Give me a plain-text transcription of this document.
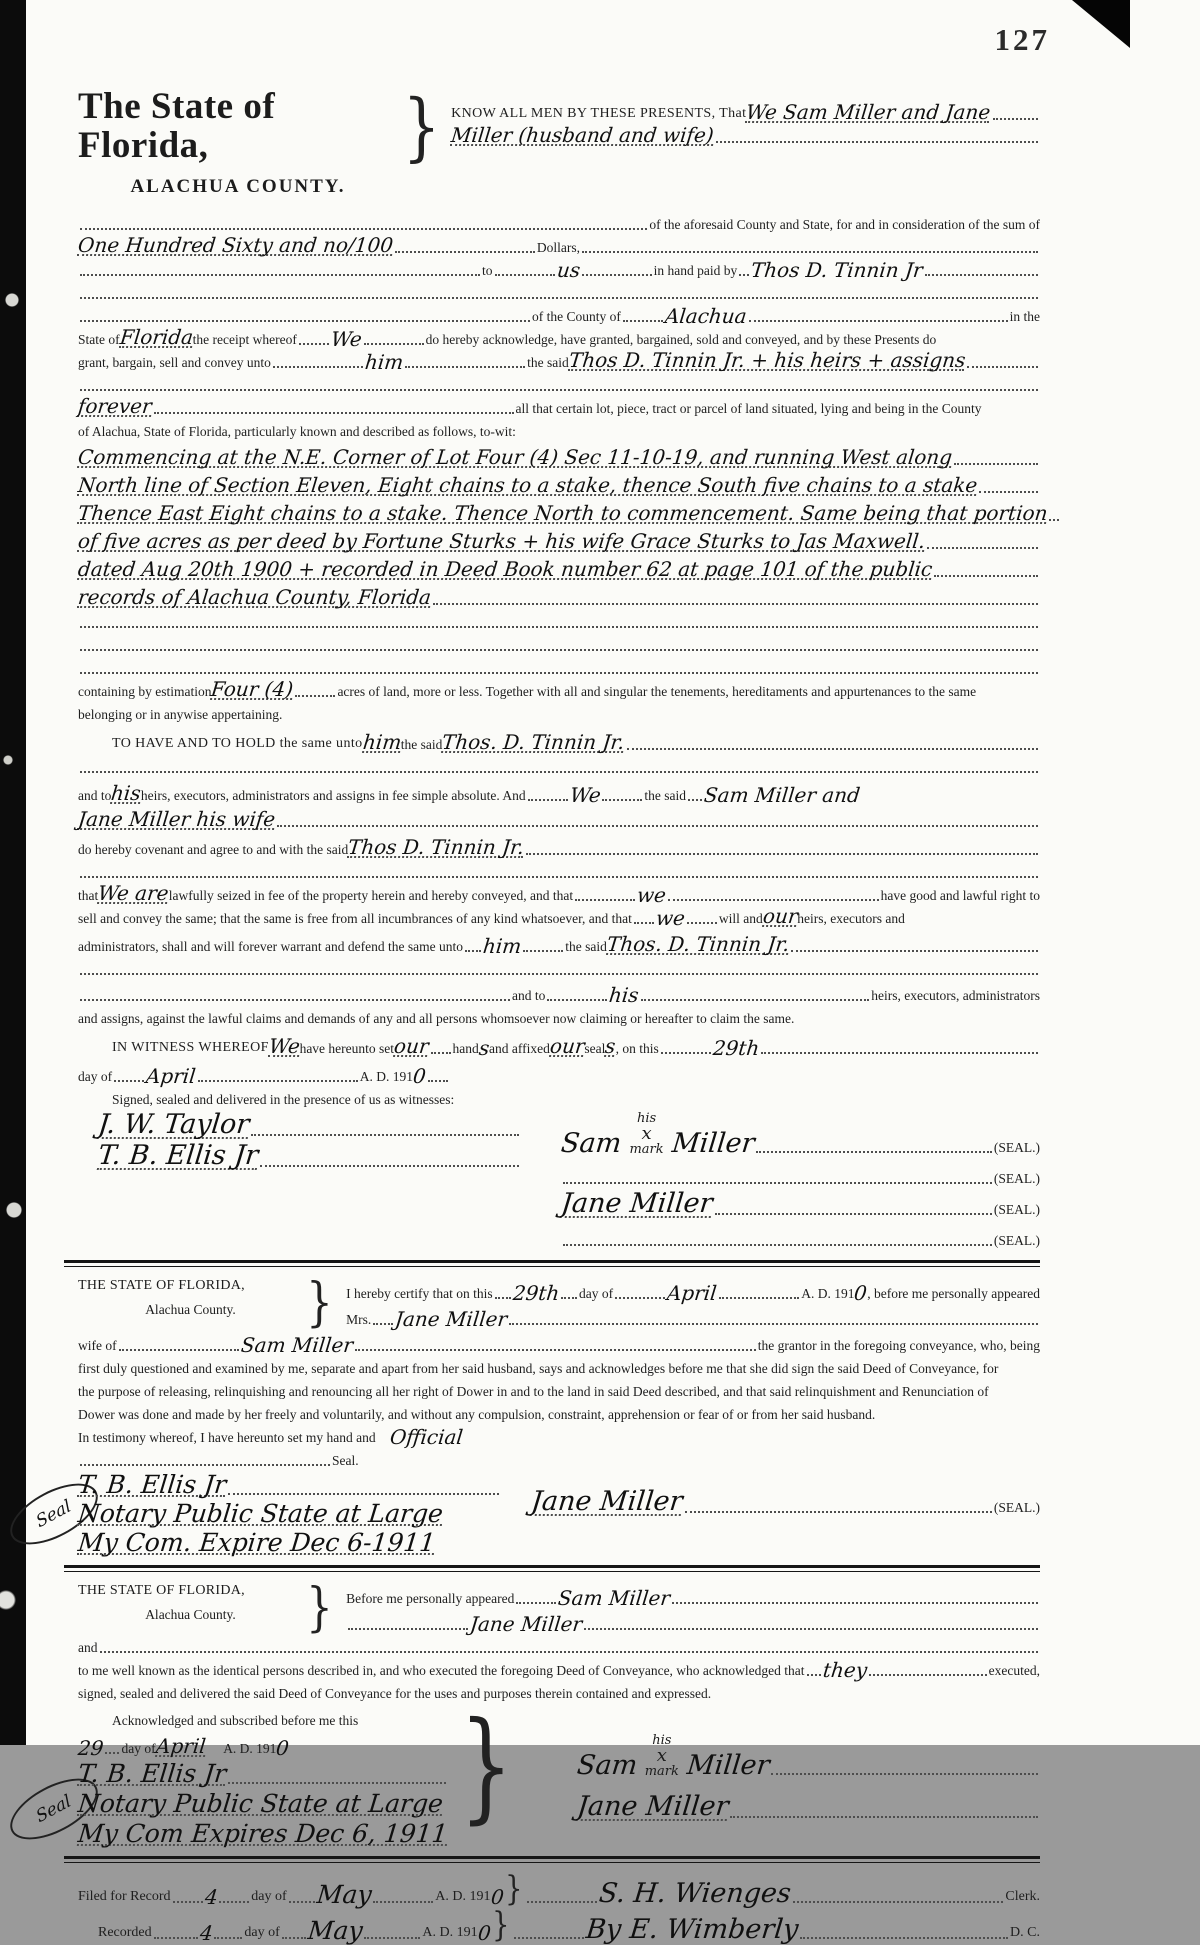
127
The State of Florida,
ALACHUA COUNTY.
} KNOW ALL MEN BY THESE PRESENTS, That
We Sam Miller and Jane
Miller (husband and wife)
of the aforesaid County and State, for and in consideration of the sum of
One Hundred Sixty and no/100	Dollars,
to	us	in hand paid by Thos D. Tinnin Jr
of the County of Alachua	in the
State of
Florida
the receipt whereof We	do hereby acknowledge, have granted, bargained, sold and conveyed, and by these Presents do
grant, bargain, sell and convey unto	him	the said
Thos D. Tinnin Jr. + his heirs + assigns
forever	all that certain lot, piece, tract or parcel of land situated, lying and being in the County
of Alachua, State of Florida, particularly known and described as follows, to-wit:
Commencing at the N.E. Corner of Lot Four (4) Sec 11-10-19, and running West along
North line of Section Eleven, Eight chains to a stake, thence South five chains to a stake
Thence East Eight chains to a stake. Thence North to commencement. Same being that portion
of five acres as per deed by Fortune Sturks + his wife Grace Sturks to Jas Maxwell.
dated Aug 20th 1900 + recorded in Deed Book number 62 at page 101 of the public
records of Alachua County, Florida
containing by estimation
Four (4)	acres of land, more or less. Together with all and singular the tenements, hereditaments and appurtenances to the same
belonging or in anywise appertaining.
TO HAVE AND TO HOLD the same unto
him
the said
Thos. D. Tinnin Jr.
and to
his
heirs, executors, administrators and assigns in fee simple absolute. And We	the said Sam Miller and
Jane Miller his wife
do hereby covenant and agree to and with the said
Thos D. Tinnin Jr.
that
We are
lawfully seized in fee of the property herein and hereby conveyed, and that	we	have good and lawful right to
sell and convey the same; that the same is free from all incumbrances of any kind whatsoever, and that we will and
our
heirs, executors and
administrators, shall and will forever warrant and defend the same unto him	the said
Thos. D. Tinnin Jr.
and to	his	heirs, executors, administrators
and assigns, against the lawful claims and demands of any and all persons whomsoever now claiming or hereafter to claim the same.
IN WITNESS WHEREOF
We
have hereunto set
our hand
s
and affixed
our
seal
s
, on this	29th
day of April	A. D. 191
0
Signed, sealed and delivered in the presence of us as witnesses:
J. W. Taylor
T. B. Ellis Jr	Sam
his
x
mark Miller	(SEAL.)
(SEAL.)
Jane Miller	(SEAL.)
(SEAL.)
THE STATE OF FLORIDA,
Alachua County.	} I hereby certify that on this 29th day of	April	A. D. 191
0
, before me personally appeared
Mrs. Jane Miller
wife of	Sam Miller	the grantor in the foregoing conveyance, who, being
first duly questioned and examined by me, separate and apart from her said husband, says and acknowledges before me that she did sign the said Deed of Conveyance, for
the purpose of releasing, relinquishing and renouncing all her right of Dower in and to the land in said Deed described, and that said relinquishment and Renunciation of
Dower was done and made by her freely and voluntarily, and without any compulsion, constraint, apprehension or fear of or from her said husband.
In testimony whereof, I have hereunto set my hand and Official
Seal.
Seal
T. B. Ellis Jr
Notary Public State at Large
My Com. Expire Dec 6-1911
Jane Miller	(SEAL.)
THE STATE OF FLORIDA,
Alachua County.	} Before me personally appeared Sam Miller
Jane Miller
and
to me well known as the identical persons described in, and who executed the foregoing Deed of Conveyance, who acknowledged that they	executed,
signed, sealed and delivered the said Deed of Conveyance for the uses and purposes therein contained and expressed.
Seal
Acknowledged and subscribed before me this
29 day of
April A. D. 191
0
T. B. Ellis Jr
Notary Public State at Large
My Com Expires Dec 6, 1911 } Sam
his
x
mark Miller
Jane Miller
Filed for Record 4 day of May	A. D. 191
0 }	S. H. Wienges	Clerk.
Recorded 4 day of May	A. D. 191
0 }	By E. Wimberly	D. C.
